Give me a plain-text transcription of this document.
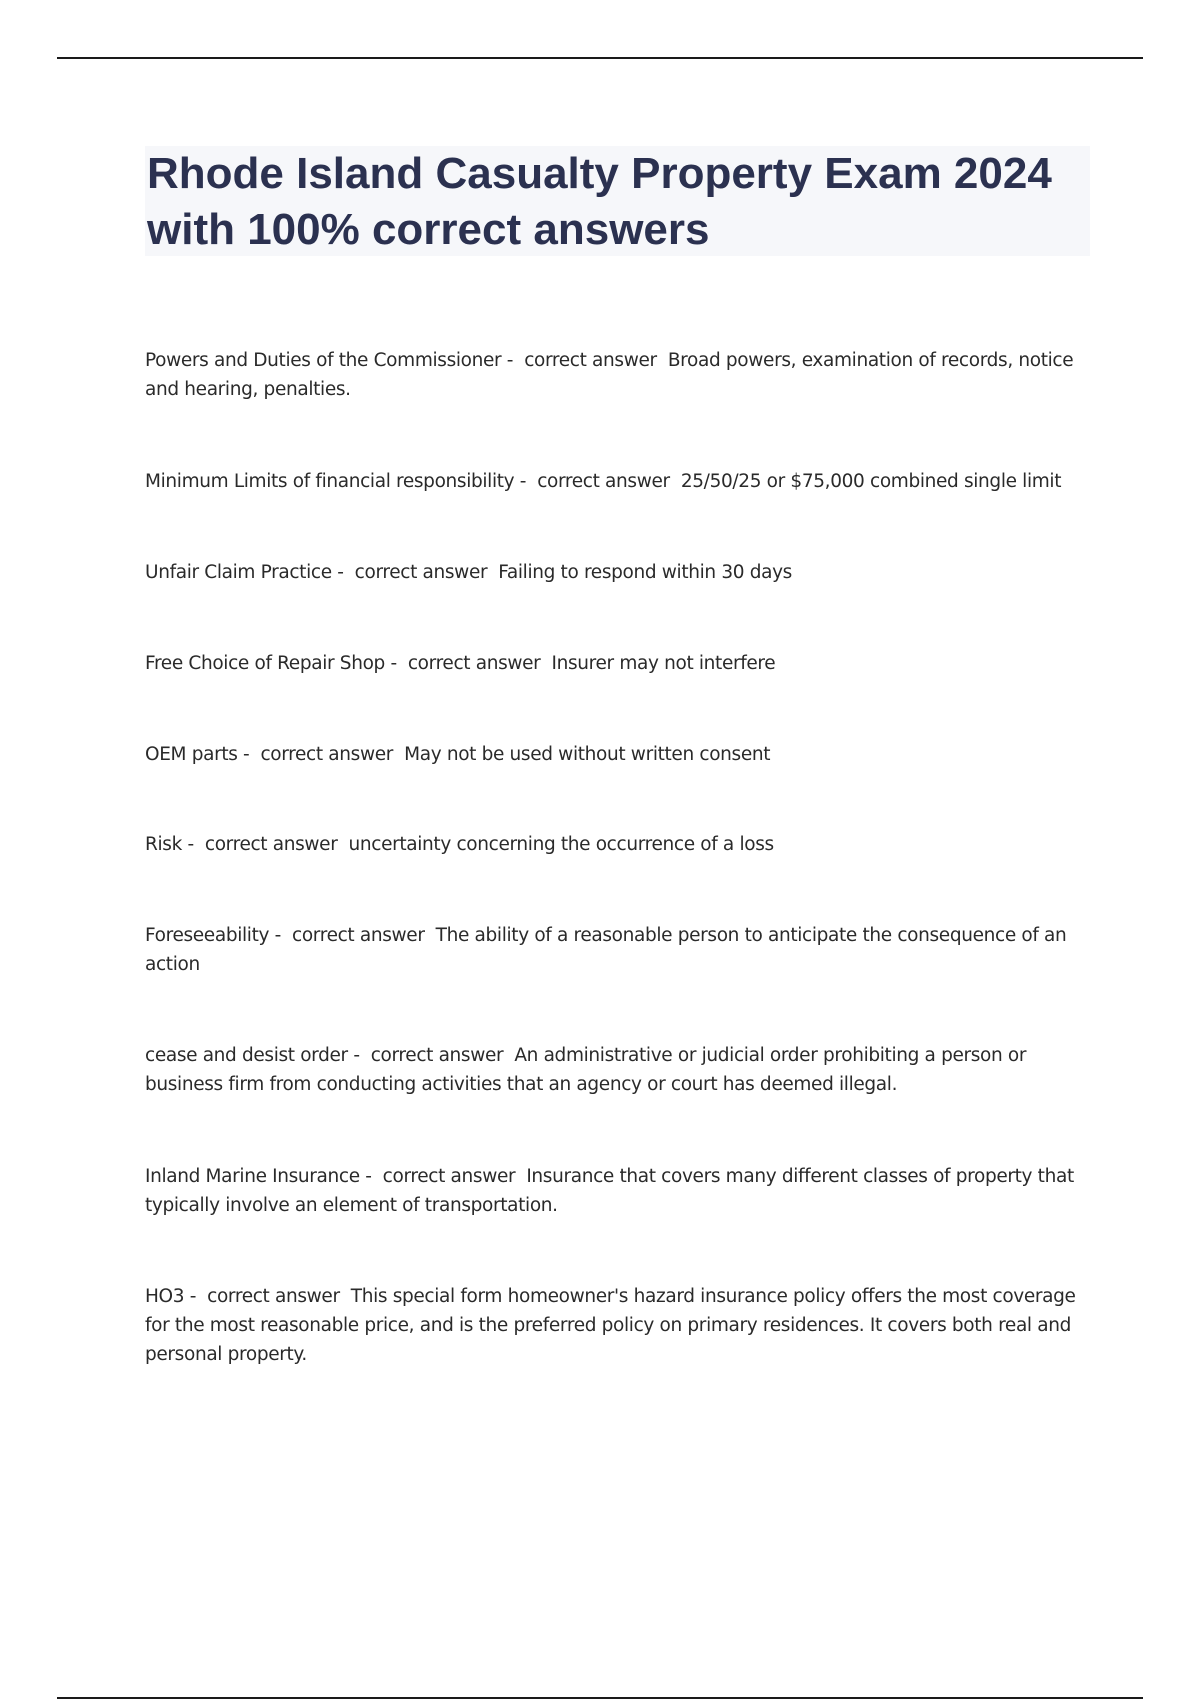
Rhode Island Casualty Property Exam 2024 with 100% correct answers
Powers and Duties of the Commissioner -  correct answer  Broad powers, examination of records, notice and hearing, penalties.
Minimum Limits of financial responsibility -  correct answer  25/50/25 or $75,000 combined single limit
Unfair Claim Practice -  correct answer  Failing to respond within 30 days
Free Choice of Repair Shop -  correct answer  Insurer may not interfere
OEM parts -  correct answer  May not be used without written consent
Risk -  correct answer  uncertainty concerning the occurrence of a loss
Foreseeability -  correct answer  The ability of a reasonable person to anticipate the consequence of an action
cease and desist order -  correct answer  An administrative or judicial order prohibiting a person or business firm from conducting activities that an agency or court has deemed illegal.
Inland Marine Insurance -  correct answer  Insurance that covers many different classes of property that typically involve an element of transportation.
HO3 -  correct answer  This special form homeowner's hazard insurance policy offers the most coverage for the most reasonable price, and is the preferred policy on primary residences. It covers both real and personal property.
